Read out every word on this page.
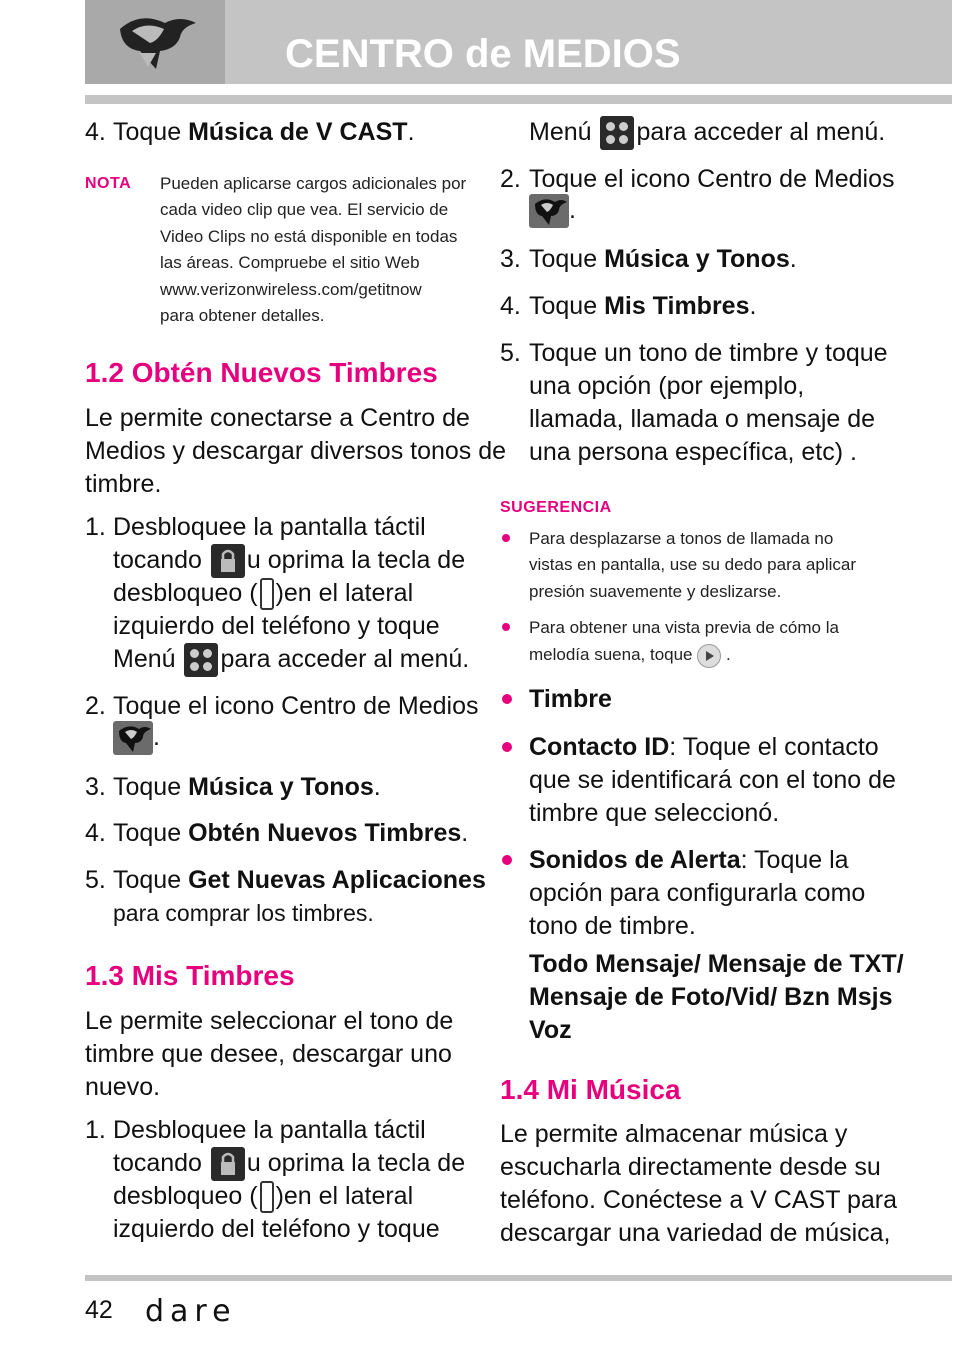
CENTRO de MEDIOS
4. Toque Música de V CAST.
NOTA Pueden aplicarse cargos adicionales por
cada video clip que vea. El servicio de
Video Clips no está disponible en todas
las áreas. Compruebe el sitio Web
www.verizonwireless.com/getitnow
para obtener detalles.
1.2 Obtén Nuevos Timbres
Le permite conectarse a Centro de
Medios y descargar diversos tonos de
timbre.
1. Desbloquee la pantalla táctil
tocando u oprima la tecla de
desbloqueo ( )en el lateral
izquierdo del teléfono y toque
Menú
para acceder al menú.
2. Toque el icono Centro de Medios
.
3. Toque Música y Tonos.
4. Toque Obtén Nuevos Timbres.
5. Toque Get Nuevas Aplicaciones
para comprar los timbres.
1.3 Mis Timbres
Le permite seleccionar el tono de
timbre que desee, descargar uno
nuevo.
1. Desbloquee la pantalla táctil
tocando u oprima la tecla de
desbloqueo ( )en el lateral
izquierdo del teléfono y toque
Menú
para acceder al menú.
2. Toque el icono Centro de Medios
.
3. Toque Música y Tonos.
4. Toque Mis Timbres.
5. Toque un tono de timbre y toque
una opción (por ejemplo,
llamada, llamada o mensaje de
una persona específica, etc) .
SUGERENCIA
Para desplazarse a tonos de llamada no
vistas en pantalla, use su dedo para aplicar
presión suavemente y deslizarse.
Para obtener una vista previa de cómo la
melodía suena, toque  .
Timbre
Contacto ID: Toque el contacto
que se identificará con el tono de
timbre que seleccionó.
Sonidos de Alerta: Toque la
opción para configurarla como
tono de timbre.
Todo Mensaje/ Mensaje de TXT/
Mensaje de Foto/Vid/ Bzn Msjs
Voz
1.4 Mi Música
Le permite almacenar música y
escucharla directamente desde su
teléfono. Conéctese a V CAST para
descargar una variedad de música,
42 dare
